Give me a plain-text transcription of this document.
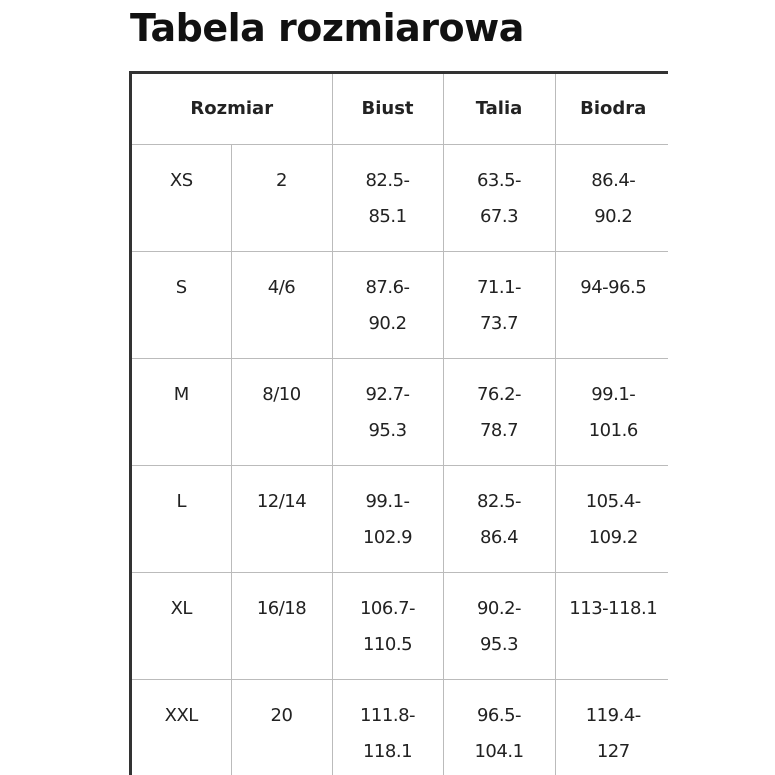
Tabela rozmiarowa
Rozmiar		Biust	Talia	Biodra

XS	2	82.5-85.1	63.5-67.3	86.4-90.2

S	4/6	87.6-90.2	71.1-73.7	94-96.5

M	8/10	92.7-95.3	76.2-78.7	99.1-101.6

L	12/14	99.1-102.9	82.5-86.4	105.4-109.2

XL	16/18	106.7-110.5	90.2-95.3	113-118.1

XXL	20	111.8-118.1	96.5-104.1	119.4-127
